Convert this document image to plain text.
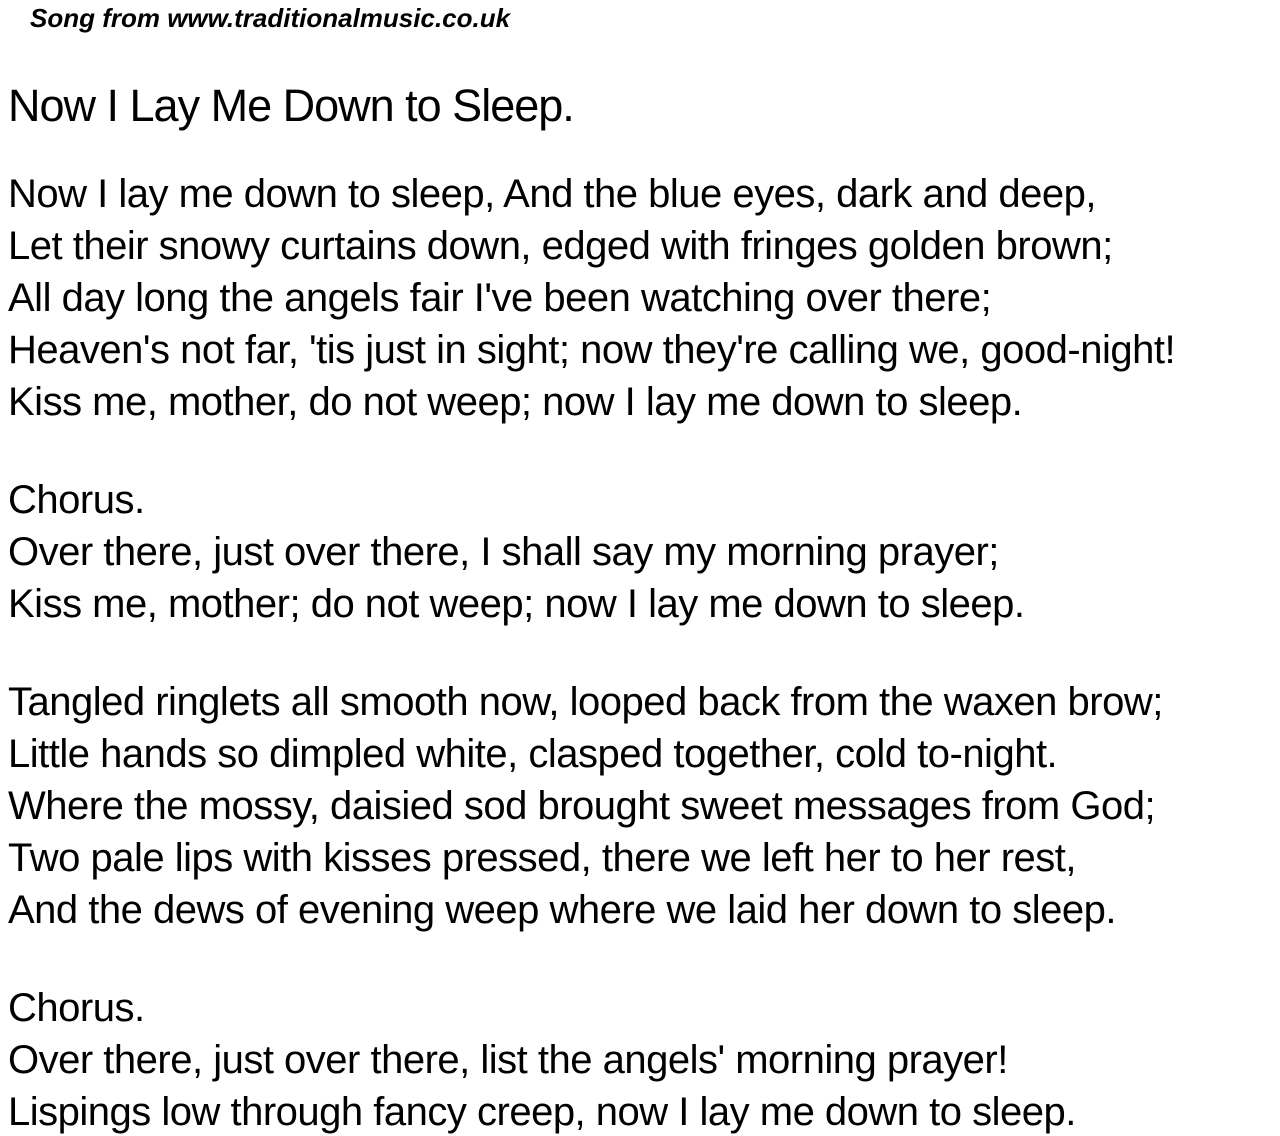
Song from www.traditionalmusic.co.uk
Now I Lay Me Down to Sleep.
Now I lay me down to sleep, And the blue eyes, dark and deep,
Let their snowy curtains down, edged with fringes golden brown;
All day long the angels fair I've been watching over there;
Heaven's not far, 'tis just in sight; now they're calling we, good-night!
Kiss me, mother, do not weep; now I lay me down to sleep.
Chorus.
Over there, just over there, I shall say my morning prayer;
Kiss me, mother; do not weep; now I lay me down to sleep.
Tangled ringlets all smooth now, looped back from the waxen brow;
Little hands so dimpled white, clasped together, cold to-night.
Where the mossy, daisied sod brought sweet messages from God;
Two pale lips with kisses pressed, there we left her to her rest,
And the dews of evening weep where we laid her down to sleep.
Chorus.
Over there, just over there, list the angels' morning prayer!
Lispings low through fancy creep, now I lay me down to sleep.
